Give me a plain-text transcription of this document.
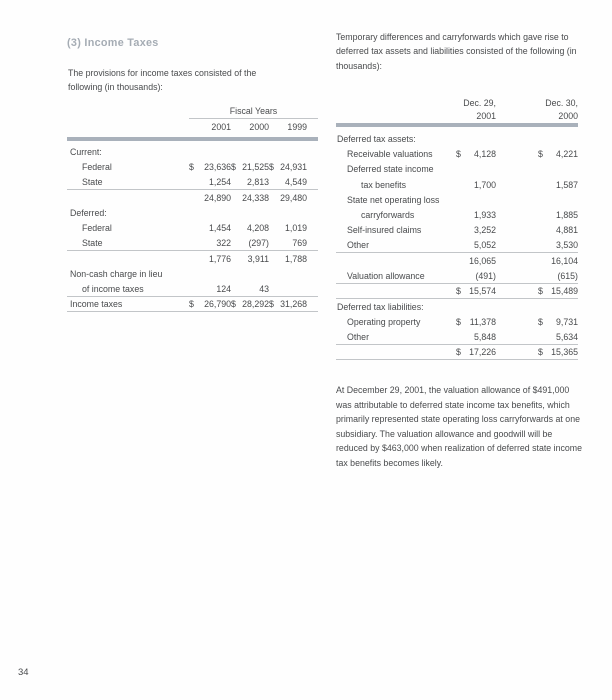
(3) Income Taxes

The provisions for income taxes consisted of the following (in thousands):

Fiscal Years
2001	2000	1999
Current:
Federal	$ 23,636 $ 21,525 $ 24,931
State	1,254 2,813 4,549
24,890 24,338 29,480
Deferred:
Federal	1,454 4,208 1,019
State	322 (297)	769
1,776 3,911 1,788
Non-cash charge in lieu
of income taxes	124	43
Income taxes	$ 26,790 $ 28,292 $ 31,268

Temporary differences and carryforwards which gave rise to deferred tax assets and liabilities consisted of the following (in thousands):

Dec. 29,
2001
Dec. 30,
2000
Deferred tax assets:
Receivable valuations	$ 4,128	$ 4,221
Deferred state income
tax benefits	1,700	1,587
State net operating loss
carryforwards	1,933	1,885
Self-insured claims	3,252	4,881
Other	5,052	3,530
16,065	16,104
Valuation allowance	(491)	(615)
$ 15,574	$ 15,489
Deferred tax liabilities:
Operating property	$ 11,378	$ 9,731
Other	5,848	5,634
$ 17,226	$ 15,365

At December 29, 2001, the valuation allowance of $491,000 was attributable to deferred state income tax benefits, which primarily represented state operating loss carryforwards at one subsidiary. The valuation allowance and goodwill will be reduced by $463,000 when realization of deferred state income tax benefits becomes likely.

34
